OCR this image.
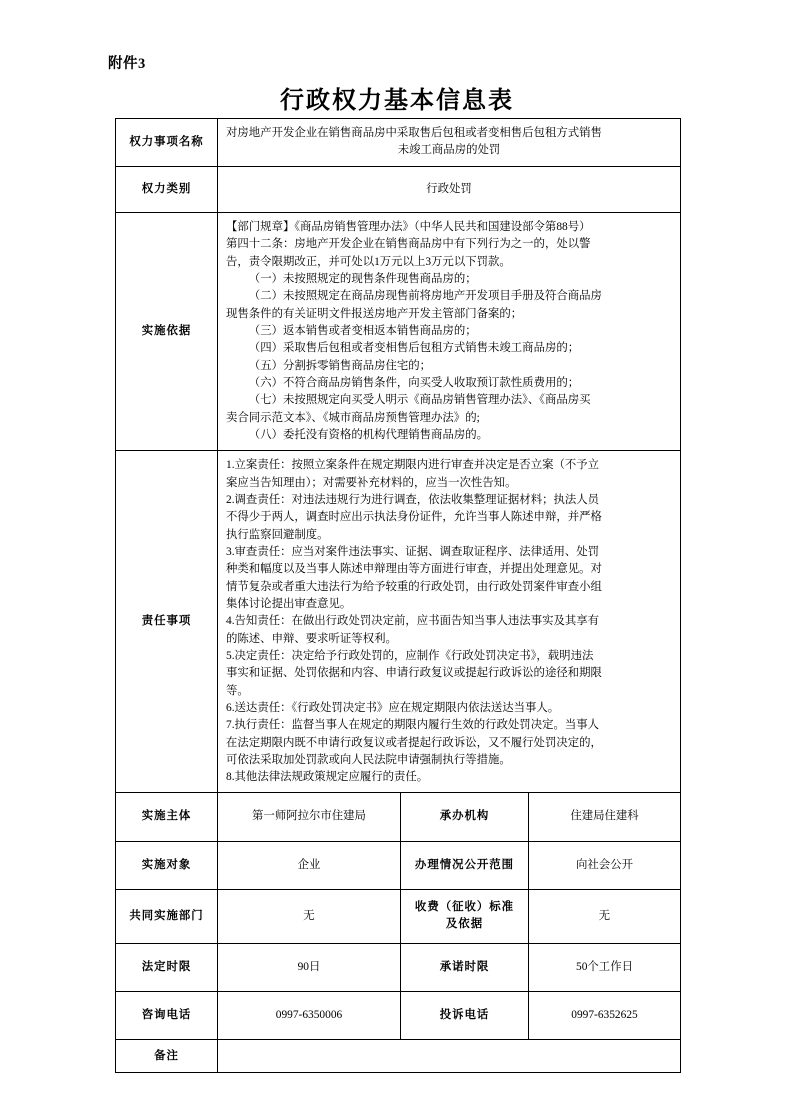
附件3
行政权力基本信息表
权力事项名称	对房地产开发企业在销售商品房中采取售后包租或者变相售后包租方式销售
未竣工商品房的处罚		

权力类别	行政处罚		
实施依据	
【部门规章】《商品房销售管理办法》（中华人民共和国建设部令第88号）
第四十二条：房地产开发企业在销售商品房中有下列行为之一的，处以警
告，责令限期改正，并可处以1万元以上3万元以下罚款。
（一）未按照规定的现售条件现售商品房的；
（二）未按照规定在商品房现售前将房地产开发项目手册及符合商品房
现售条件的有关证明文件报送房地产开发主管部门备案的；
（三）返本销售或者变相返本销售商品房的；
（四）采取售后包租或者变相售后包租方式销售未竣工商品房的；
（五）分割拆零销售商品房住宅的；
（六）不符合商品房销售条件，向买受人收取预订款性质费用的；
（七）未按照规定向买受人明示《商品房销售管理办法》、《商品房买
卖合同示范文本》、《城市商品房预售管理办法》的;
（八）委托没有资格的机构代理销售商品房的。

责任事项	
1.立案责任：按照立案条件在规定期限内进行审查并决定是否立案（不予立
案应当告知理由）；对需要补充材料的，应当一次性告知。
2.调查责任：对违法违规行为进行调查，依法收集整理证据材料；执法人员
不得少于两人，调查时应出示执法身份证件，允许当事人陈述申辩，并严格
执行监察回避制度。
3.审查责任：应当对案件违法事实、证据、调查取证程序、法律适用、处罚
种类和幅度以及当事人陈述申辩理由等方面进行审查，并提出处理意见。对
情节复杂或者重大违法行为给予较重的行政处罚，由行政处罚案件审查小组
集体讨论提出审查意见。
4.告知责任：在做出行政处罚决定前，应书面告知当事人违法事实及其享有
的陈述、申辩、要求听证等权利。
5.决定责任：决定给予行政处罚的，应制作《行政处罚决定书》，载明违法
事实和证据、处罚依据和内容、申请行政复议或提起行政诉讼的途径和期限
等。
6.送达责任：《行政处罚决定书》应在规定期限内依法送达当事人。
7.执行责任：监督当事人在规定的期限内履行生效的行政处罚决定。当事人
在法定期限内既不申请行政复议或者提起行政诉讼，又不履行处罚决定的，
可依法采取加处罚款或向人民法院申请强制执行等措施。
8.其他法律法规政策规定应履行的责任。

实施主体	第一师阿拉尔市住建局	承办机构	住建局住建科
实施对象	企业	办理情况公开范围	向社会公开
共同实施部门	无	收费（征收）标准
及依据	无
法定时限	90日	承诺时限	50个工作日
咨询电话	0997-6350006	投诉电话	0997-6352625
备注			
